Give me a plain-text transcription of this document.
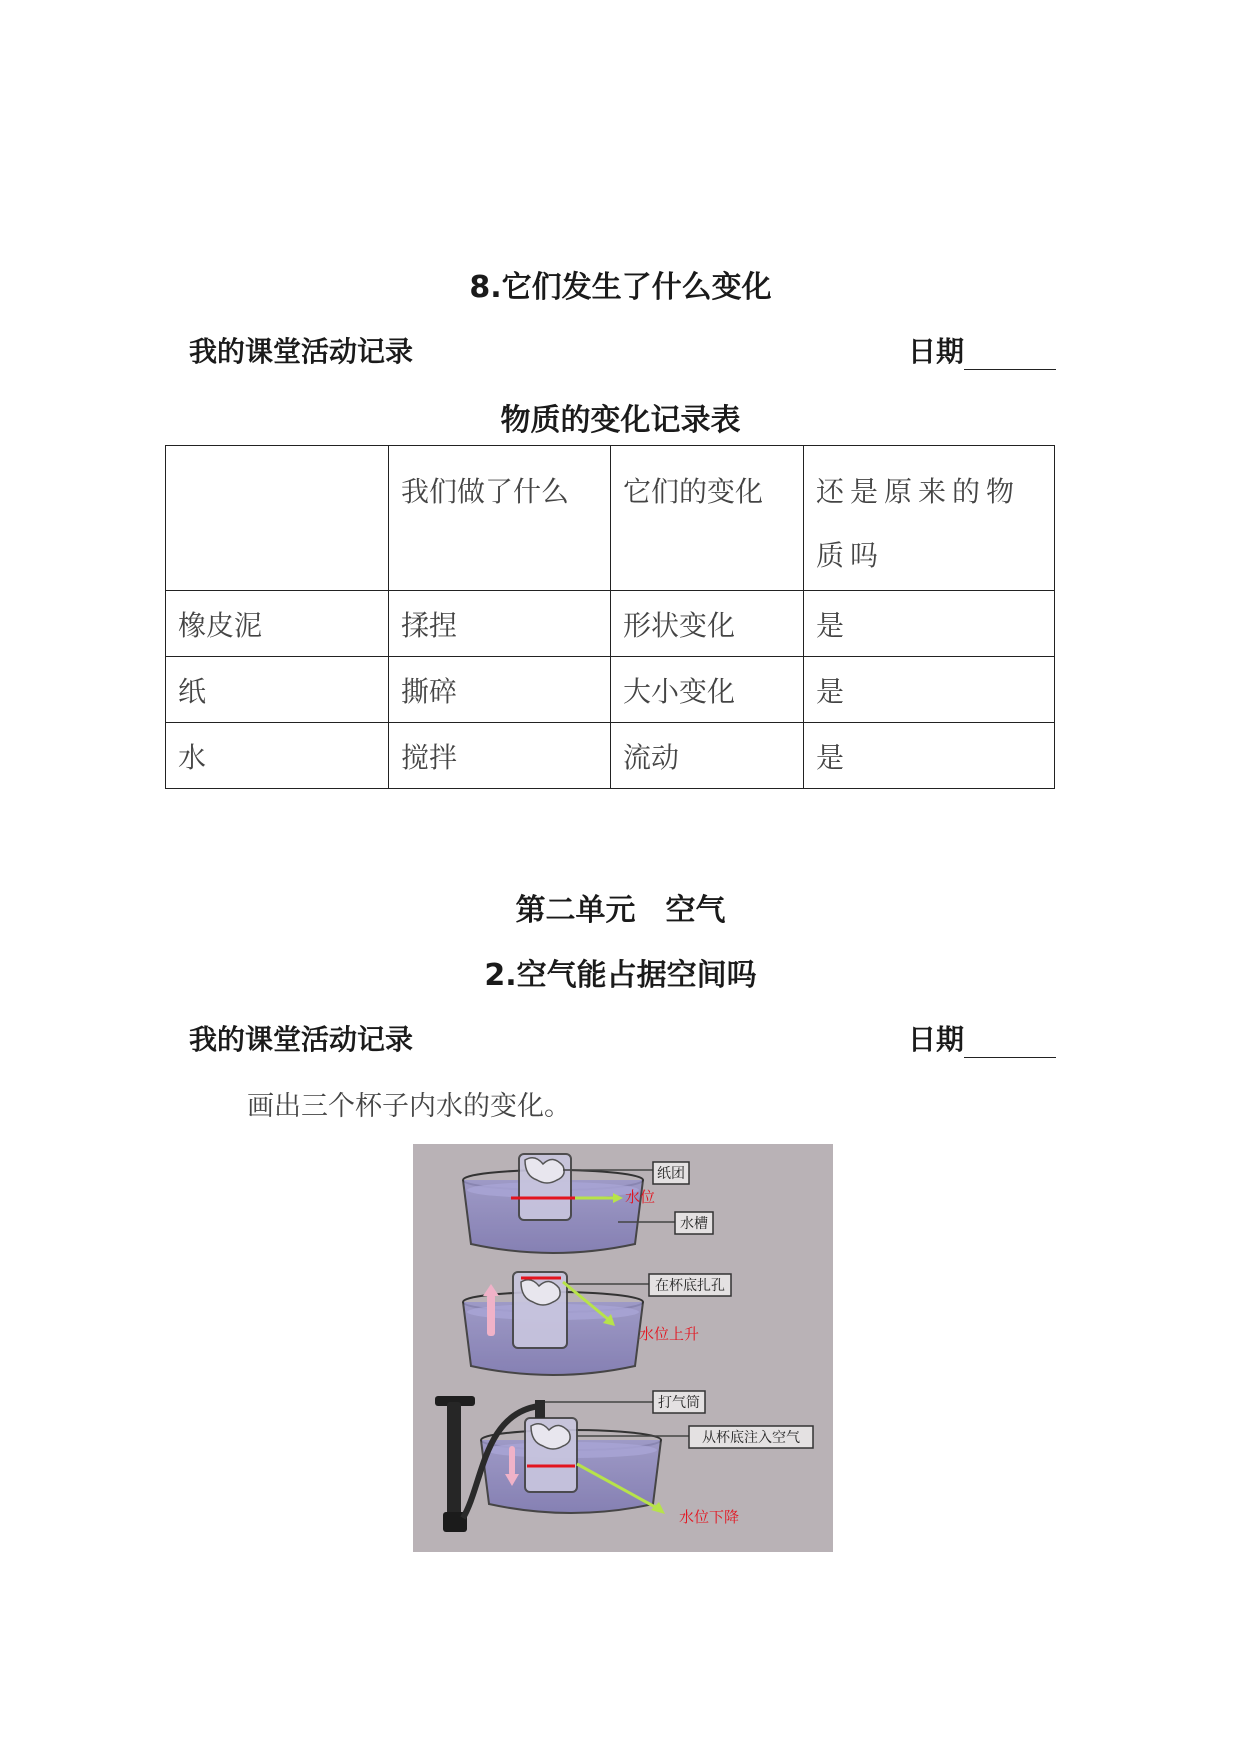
8.它们发生了什么变化
我的课堂活动记录	日期
物质的变化记录表
	我们做了什么	它们的变化	还是原来的物质吗
橡皮泥	揉捏	形状变化	是
纸	撕碎	大小变化	是
水	搅拌	流动	是
第二单元　空气
2.空气能占据空间吗
我的课堂活动记录	日期
画出三个杯子内水的变化。
纸团
水位
水槽
在杯底扎孔
水位上升
打气筒
从杯底注入空气
水位下降
